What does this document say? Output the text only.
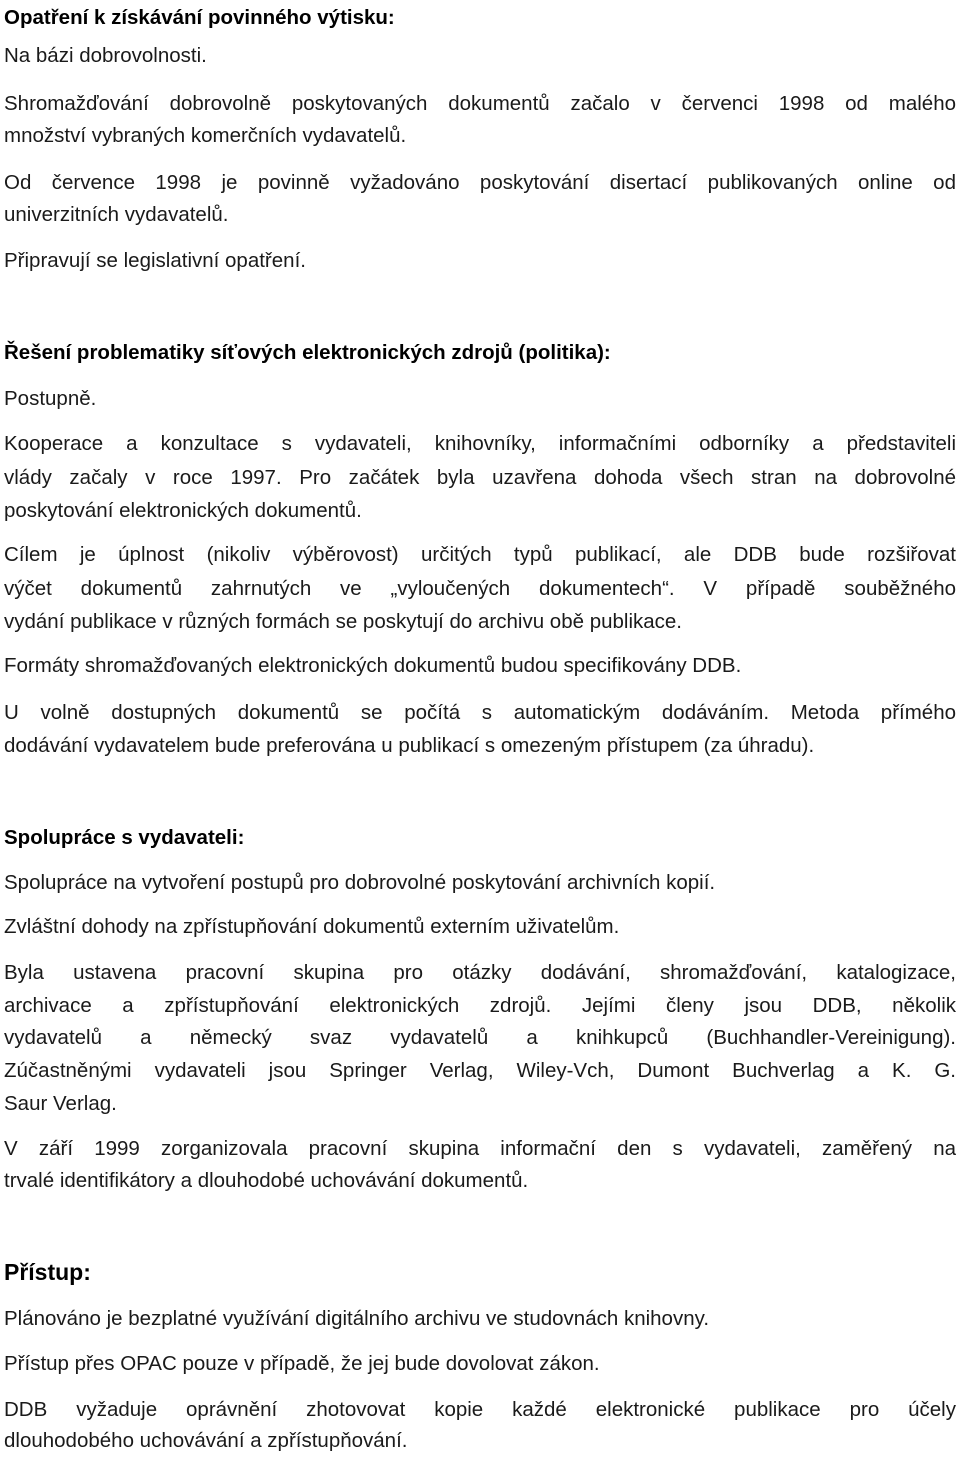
Opatření k získávání povinného výtisku:
Na bázi dobrovolnosti.
Shromažďování dobrovolně poskytovaných dokumentů začalo v červenci 1998 od malého
množství vybraných komerčních vydavatelů.
Od července 1998 je povinně vyžadováno poskytování disertací publikovaných online od
univerzitních vydavatelů.
Připravují se legislativní opatření.
Řešení problematiky síťových elektronických zdrojů (politika):
Postupně.
Kooperace a konzultace s vydavateli, knihovníky, informačními odborníky a představiteli
vlády začaly v roce 1997. Pro začátek byla uzavřena dohoda všech stran na dobrovolné
poskytování elektronických dokumentů.
Cílem je úplnost (nikoliv výběrovost) určitých typů publikací, ale DDB bude rozšiřovat
výčet dokumentů zahrnutých ve „vyloučených dokumentech“. V případě souběžného
vydání publikace v různých formách se poskytují do archivu obě publikace.
Formáty shromažďovaných elektronických dokumentů budou specifikovány DDB.
U volně dostupných dokumentů se počítá s automatickým dodáváním. Metoda přímého
dodávání vydavatelem bude preferována u publikací s omezeným přístupem (za úhradu).
Spolupráce s vydavateli:
Spolupráce na vytvoření postupů pro dobrovolné poskytování archivních kopií.
Zvláštní dohody na zpřístupňování dokumentů externím uživatelům.
Byla ustavena pracovní skupina pro otázky dodávání, shromažďování, katalogizace,
archivace a zpřístupňování elektronických zdrojů. Jejími členy jsou DDB, několik
vydavatelů a německý svaz vydavatelů a knihkupců (Buchhandler-Vereinigung).
Zúčastněnými vydavateli jsou Springer Verlag, Wiley-Vch, Dumont Buchverlag a K. G.
Saur Verlag.
V září 1999 zorganizovala pracovní skupina informační den s vydavateli, zaměřený na
trvalé identifikátory a dlouhodobé uchovávání dokumentů.
Přístup:
Plánováno je bezplatné využívání digitálního archivu ve studovnách knihovny.
Přístup přes OPAC pouze v případě, že jej bude dovolovat zákon.
DDB vyžaduje oprávnění zhotovovat kopie každé elektronické publikace pro účely
dlouhodobého uchovávání a zpřístupňování.
